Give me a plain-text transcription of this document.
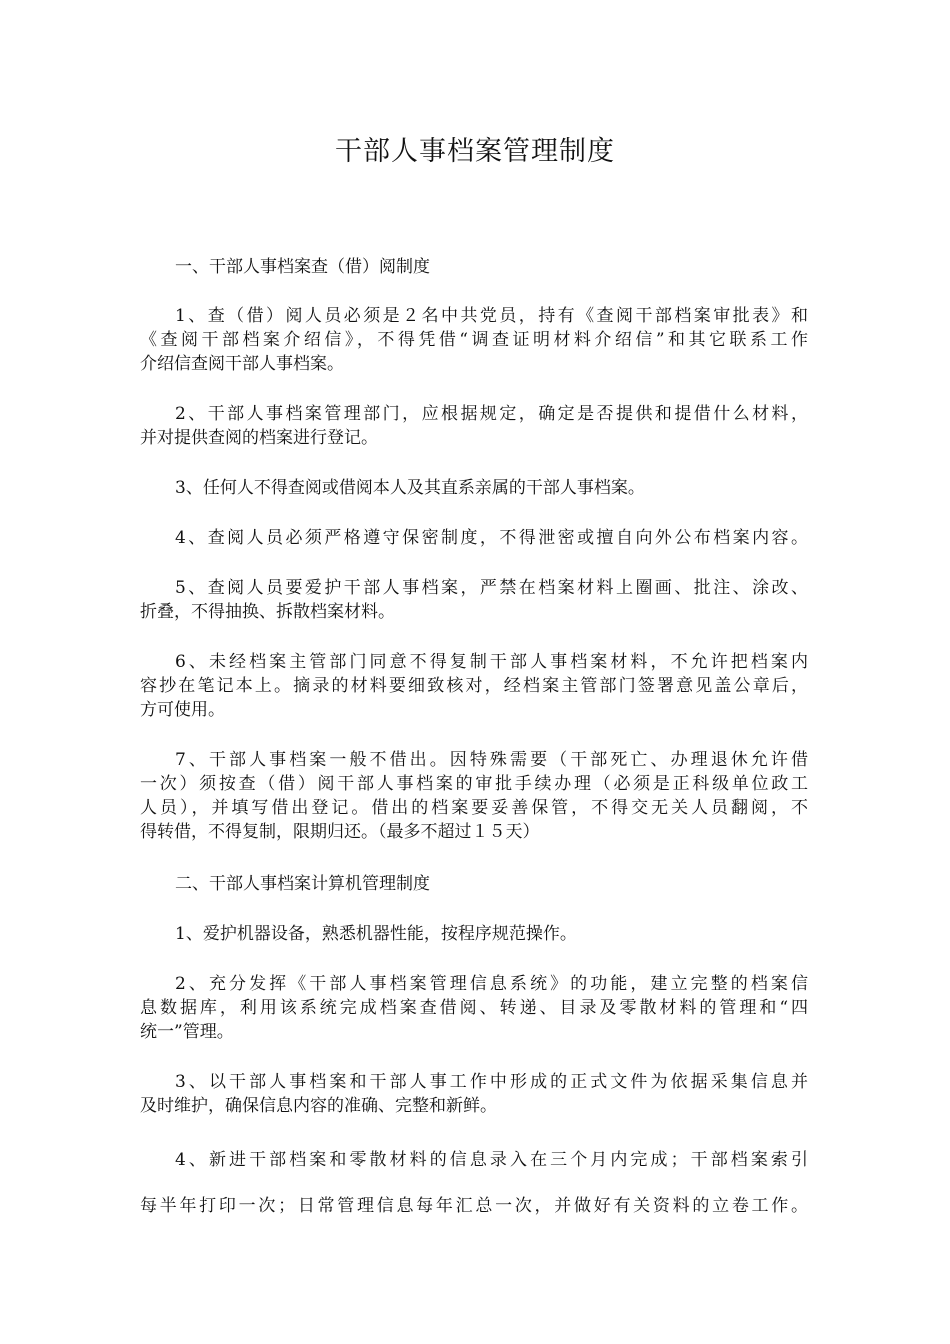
干部人事档案管理制度

一、干部人事档案查（借）阅制度

1、查（借）阅人员必须是２名中共党员，持有《查阅干部档案审批表》和

《查阅干部档案介绍信》，不得凭借“调查证明材料介绍信”和其它联系工作

介绍信查阅干部人事档案。

2、干部人事档案管理部门，应根据规定，确定是否提供和提借什么材料，

并对提供查阅的档案进行登记。

3、任何人不得查阅或借阅本人及其直系亲属的干部人事档案。

4、查阅人员必须严格遵守保密制度，不得泄密或擅自向外公布档案内容。

5、查阅人员要爱护干部人事档案，严禁在档案材料上圈画、批注、涂改、

折叠，不得抽换、拆散档案材料。

6、未经档案主管部门同意不得复制干部人事档案材料，不允许把档案内

容抄在笔记本上。摘录的材料要细致核对，经档案主管部门签署意见盖公章后，

方可使用。

7、干部人事档案一般不借出。因特殊需要（干部死亡、办理退休允许借

一次）须按查（借）阅干部人事档案的审批手续办理（必须是正科级单位政工

人员），并填写借出登记。借出的档案要妥善保管，不得交无关人员翻阅，不

得转借，不得复制，限期归还。（最多不超过１５天）

二、干部人事档案计算机管理制度

1、爱护机器设备，熟悉机器性能，按程序规范操作。

2、充分发挥《干部人事档案管理信息系统》的功能，建立完整的档案信

息数据库，利用该系统完成档案查借阅、转递、目录及零散材料的管理和“四

统一”管理。

3、以干部人事档案和干部人事工作中形成的正式文件为依据采集信息并

及时维护，确保信息内容的准确、完整和新鲜。

4、新进干部档案和零散材料的信息录入在三个月内完成；干部档案索引

每半年打印一次；日常管理信息每年汇总一次，并做好有关资料的立卷工作。
